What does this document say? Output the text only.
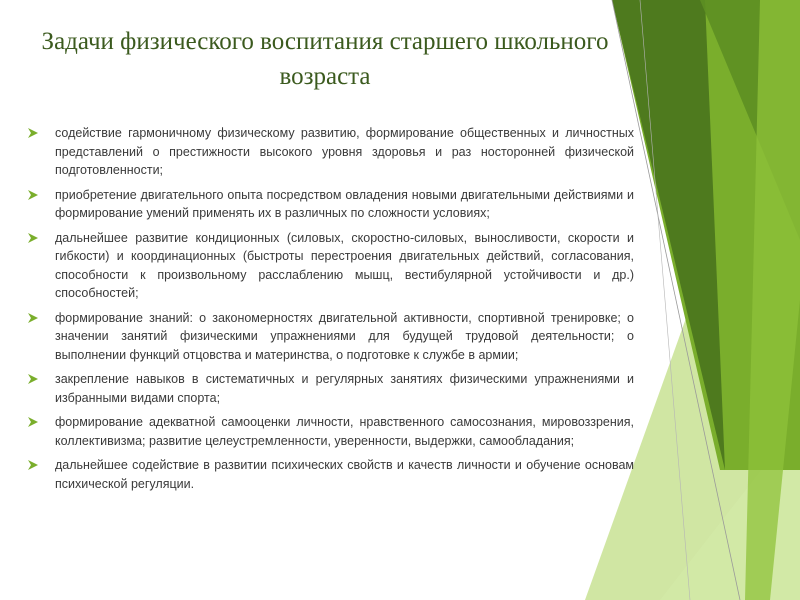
Задачи физического воспитания старшего школьного возраста
содействие гармоничному физическому развитию, формирование общественных и личностных представлений о престижности высокого уровня здоровья и раз носторонней физической подготовленности;
приобретение двигательного опыта посредством овладения новыми двигательными действиями и формирование умений применять их в различных по сложности условиях;
дальнейшее развитие кондиционных (силовых, скоростно-силовых, выносливости, скорости и гибкости) и координационных (быстроты перестроения двигательных действий, согласования, способности к произвольному расслаблению мышц, вестибулярной устойчивости и др.) способностей;
формирование знаний: о закономерностях двигательной активности, спортивной тренировке; о значении занятий физическими упражнениями для будущей трудовой деятельности; о выполнении функций отцовства и материнства, о подготовке к службе в армии;
закрепление навыков в систематичных и регулярных занятиях физическими упражнениями и избранными видами спорта;
формирование адекватной самооценки личности, нравственного самосознания, мировоззрения, коллективизма; развитие целеустремленности, уверенности, выдержки, самообладания;
дальнейшее содействие в развитии психических свойств и качеств личности и обучение основам психической регуляции.
